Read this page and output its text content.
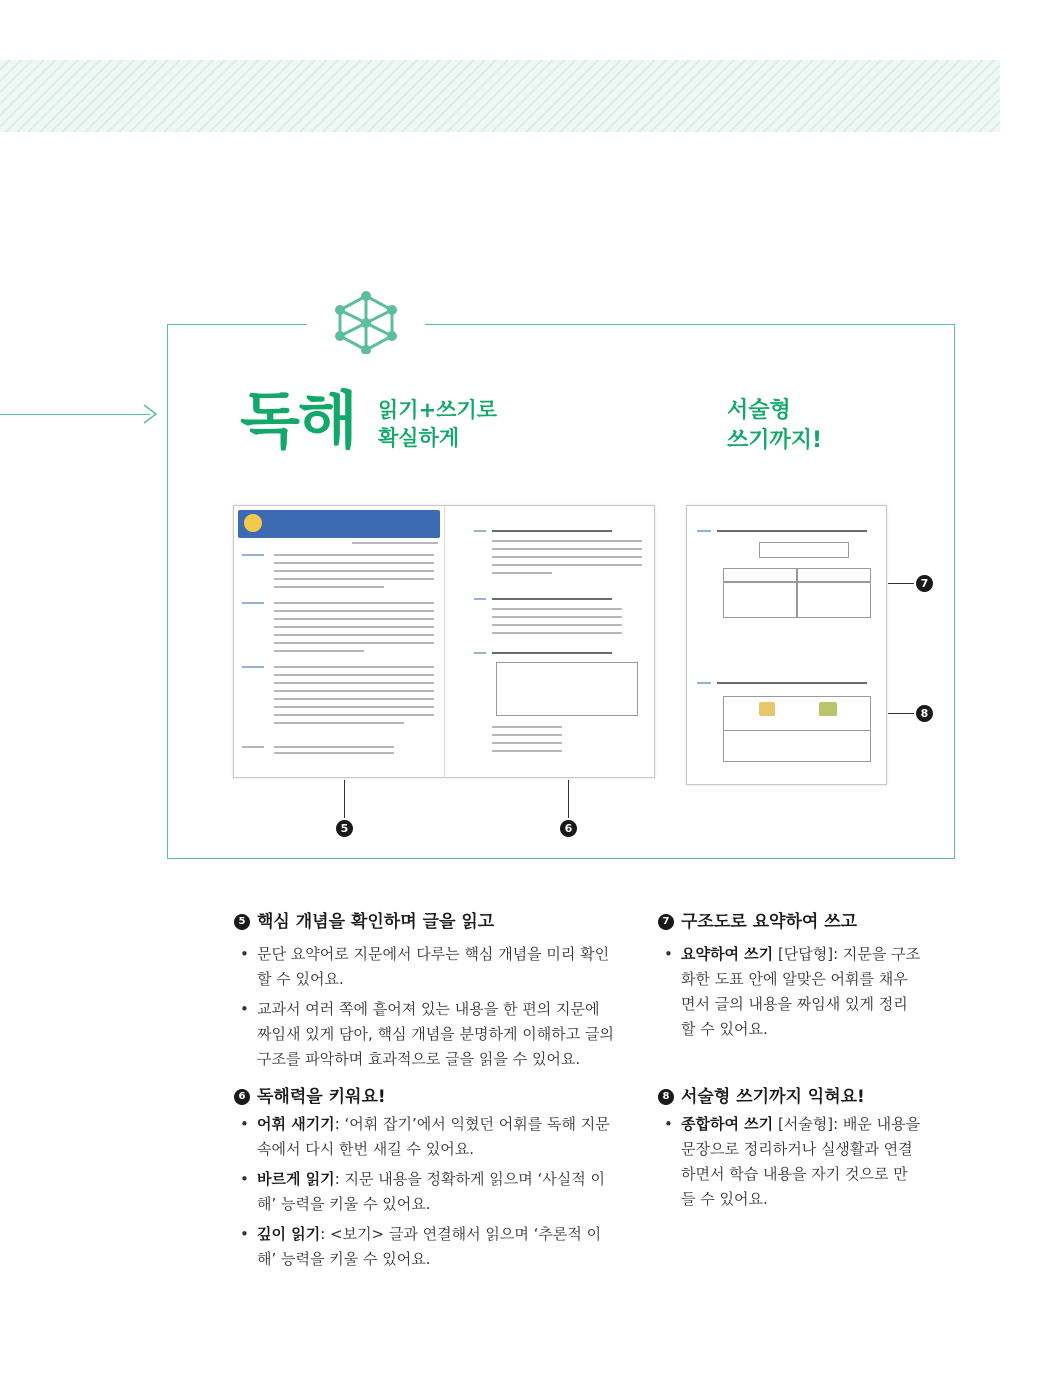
독해 읽기+쓰기로
확실하게
서술형
쓰기까지!
5	6
7
8
5 핵심 개념을 확인하며 글을 읽고
• 문단 요약어로 지문에서 다루는 핵심 개념을 미리 확인할 수 있어요.
• 교과서 여러 쪽에 흩어져 있는 내용을 한 편의 지문에 짜임새 있게 담아, 핵심 개념을 분명하게 이해하고 글의 구조를 파악하며 효과적으로 글을 읽을 수 있어요.
6 독해력을 키워요!
• 어휘 새기기: ‘어휘 잡기’에서 익혔던 어휘를 독해 지문 속에서 다시 한번 새길 수 있어요.
• 바르게 읽기: 지문 내용을 정확하게 읽으며 ‘사실적 이해’ 능력을 키울 수 있어요.
• 깊이 읽기: <보기> 글과 연결해서 읽으며 ‘추론적 이해’ 능력을 키울 수 있어요.
7 구조도로 요약하여 쓰고
• 요약하여 쓰기 [단답형]: 지문을 구조화한 도표 안에 알맞은 어휘를 채우면서 글의 내용을 짜임새 있게 정리할 수 있어요.
8 서술형 쓰기까지 익혀요!
• 종합하여 쓰기 [서술형]: 배운 내용을 문장으로 정리하거나 실생활과 연결하면서 학습 내용을 자기 것으로 만들 수 있어요.
